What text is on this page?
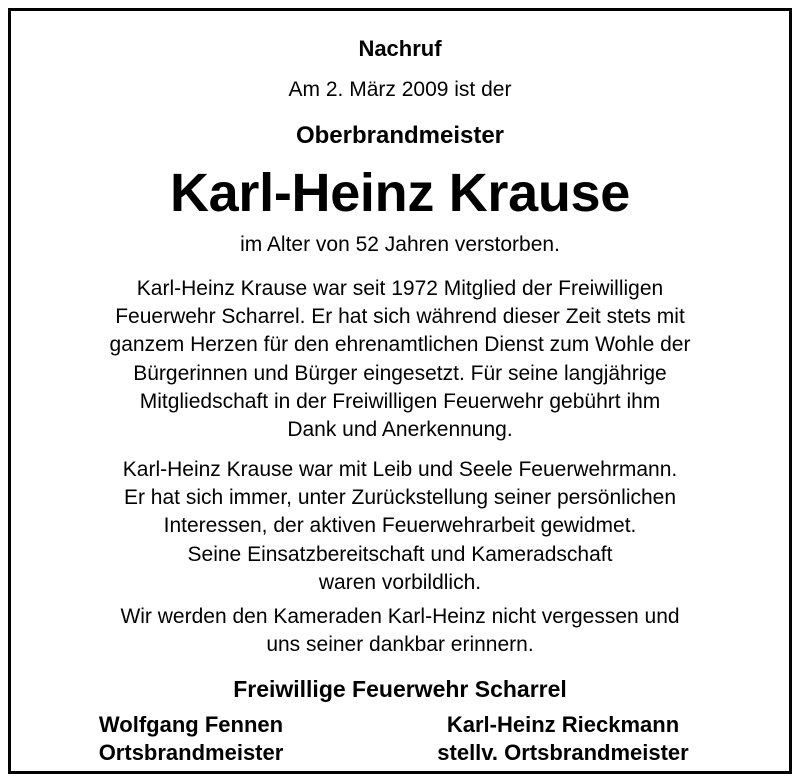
Nachruf
Am 2. März 2009 ist der
Oberbrandmeister
Karl-Heinz Krause
im Alter von 52 Jahren verstorben.
Karl-Heinz Krause war seit 1972 Mitglied der Freiwilligen
Feuerwehr Scharrel. Er hat sich während dieser Zeit stets mit
ganzem Herzen für den ehrenamtlichen Dienst zum Wohle der
Bürgerinnen und Bürger eingesetzt. Für seine langjährige
Mitgliedschaft in der Freiwilligen Feuerwehr gebührt ihm
Dank und Anerkennung.
Karl-Heinz Krause war mit Leib und Seele Feuerwehrmann.
Er hat sich immer, unter Zurückstellung seiner persönlichen
Interessen, der aktiven Feuerwehrarbeit gewidmet.
Seine Einsatzbereitschaft und Kameradschaft
waren vorbildlich.
Wir werden den Kameraden Karl-Heinz nicht vergessen und
uns seiner dankbar erinnern.
Freiwillige Feuerwehr Scharrel
Wolfgang Fennen
Ortsbrandmeister
Karl-Heinz Rieckmann
stellv. Ortsbrandmeister
